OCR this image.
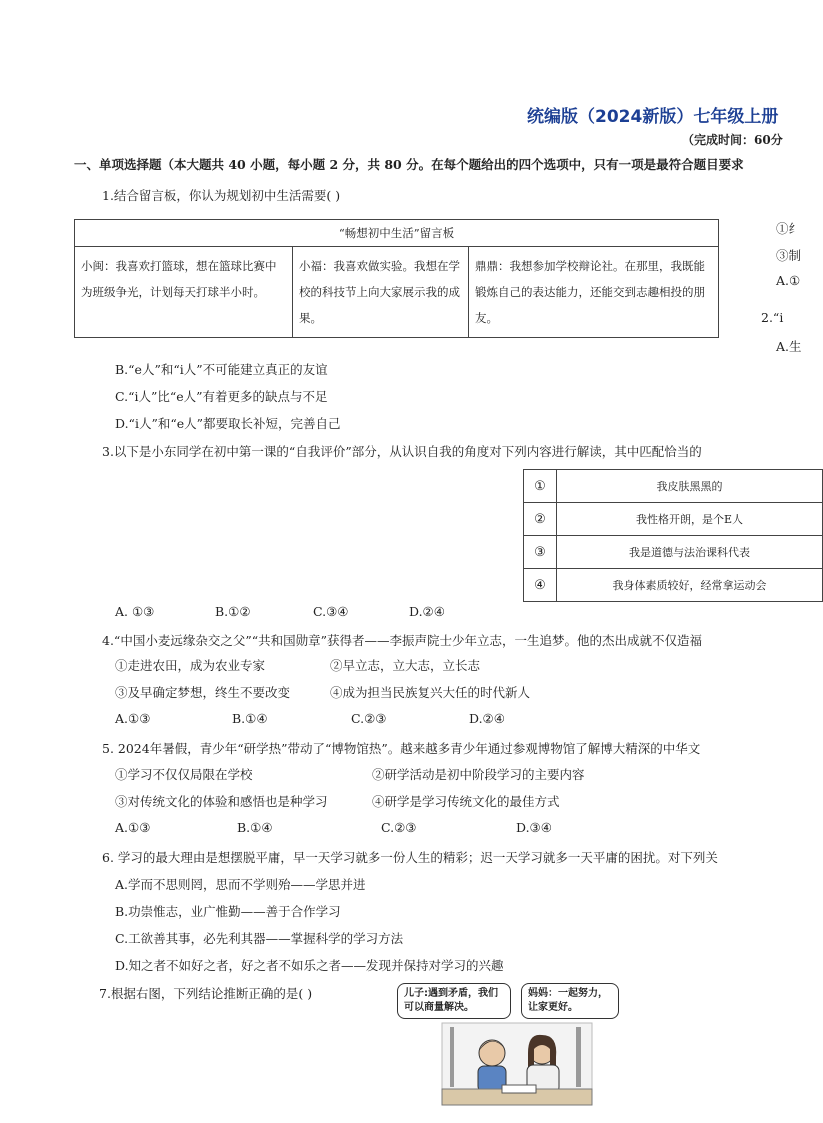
统编版（2024新版）七年级上册
（完成时间：60分
一、单项选择题（本大题共 40 小题，每小题 2 分，共 80 分。在每个题给出的四个选项中，只有一项是最符合题目要求
1.结合留言板，你认为规划初中生活需要( )
“畅想初中生活”留言板
小闽：我喜欢打篮球，想在篮球比赛中为班级争光，计划每天打球半小时。	小福：我喜欢做实验。我想在学校的科技节上向大家展示我的成果。	鼎鼎：我想参加学校辩论社。在那里，我既能锻炼自己的表达能力，还能交到志趣相投的朋友。
①纟
③制
A.①
2.“i
A.生
B.“e人”和“i人”不可能建立真正的友谊
C.“i人”比“e人”有着更多的缺点与不足
D.“i人”和“e人”都要取长补短，完善自己
3.以下是小东同学在初中第一课的“自我评价”部分，从认识自我的角度对下列内容进行解读，其中匹配恰当的
①	我皮肤黑黑的
②	我性格开朗，是个E人
③	我是道德与法治课科代表
④	我身体素质较好，经常拿运动会
A. ①③	B.①②	C.③④	D.②④
4.“中国小麦远缘杂交之父”“共和国勋章”获得者——李振声院士少年立志，一生追梦。他的杰出成就不仅造福
①走进农田，成为农业专家	②早立志，立大志，立长志
③及早确定梦想，终生不要改变	④成为担当民族复兴大任的时代新人
A.①③	B.①④	C.②③	D.②④
5. 2024年暑假，青少年“研学热”带动了“博物馆热”。越来越多青少年通过参观博物馆了解博大精深的中华文
①学习不仅仅局限在学校	②研学活动是初中阶段学习的主要内容
③对传统文化的体验和感悟也是种学习	④研学是学习传统文化的最佳方式
A.①③	B.①④	C.②③	D.③④
6. 学习的最大理由是想摆脱平庸，早一天学习就多一份人生的精彩；迟一天学习就多一天平庸的困扰。对下列关
A.学而不思则罔，思而不学则殆——学思并进
B.功崇惟志，业广惟勤——善于合作学习
C.工欲善其事，必先利其器——掌握科学的学习方法
D.知之者不如好之者，好之者不如乐之者——发现并保持对学习的兴趣
7.根据右图，下列结论推断正确的是( )	儿子:遇到矛盾，我们可以商量解决。
妈妈：一起努力，让家更好。
